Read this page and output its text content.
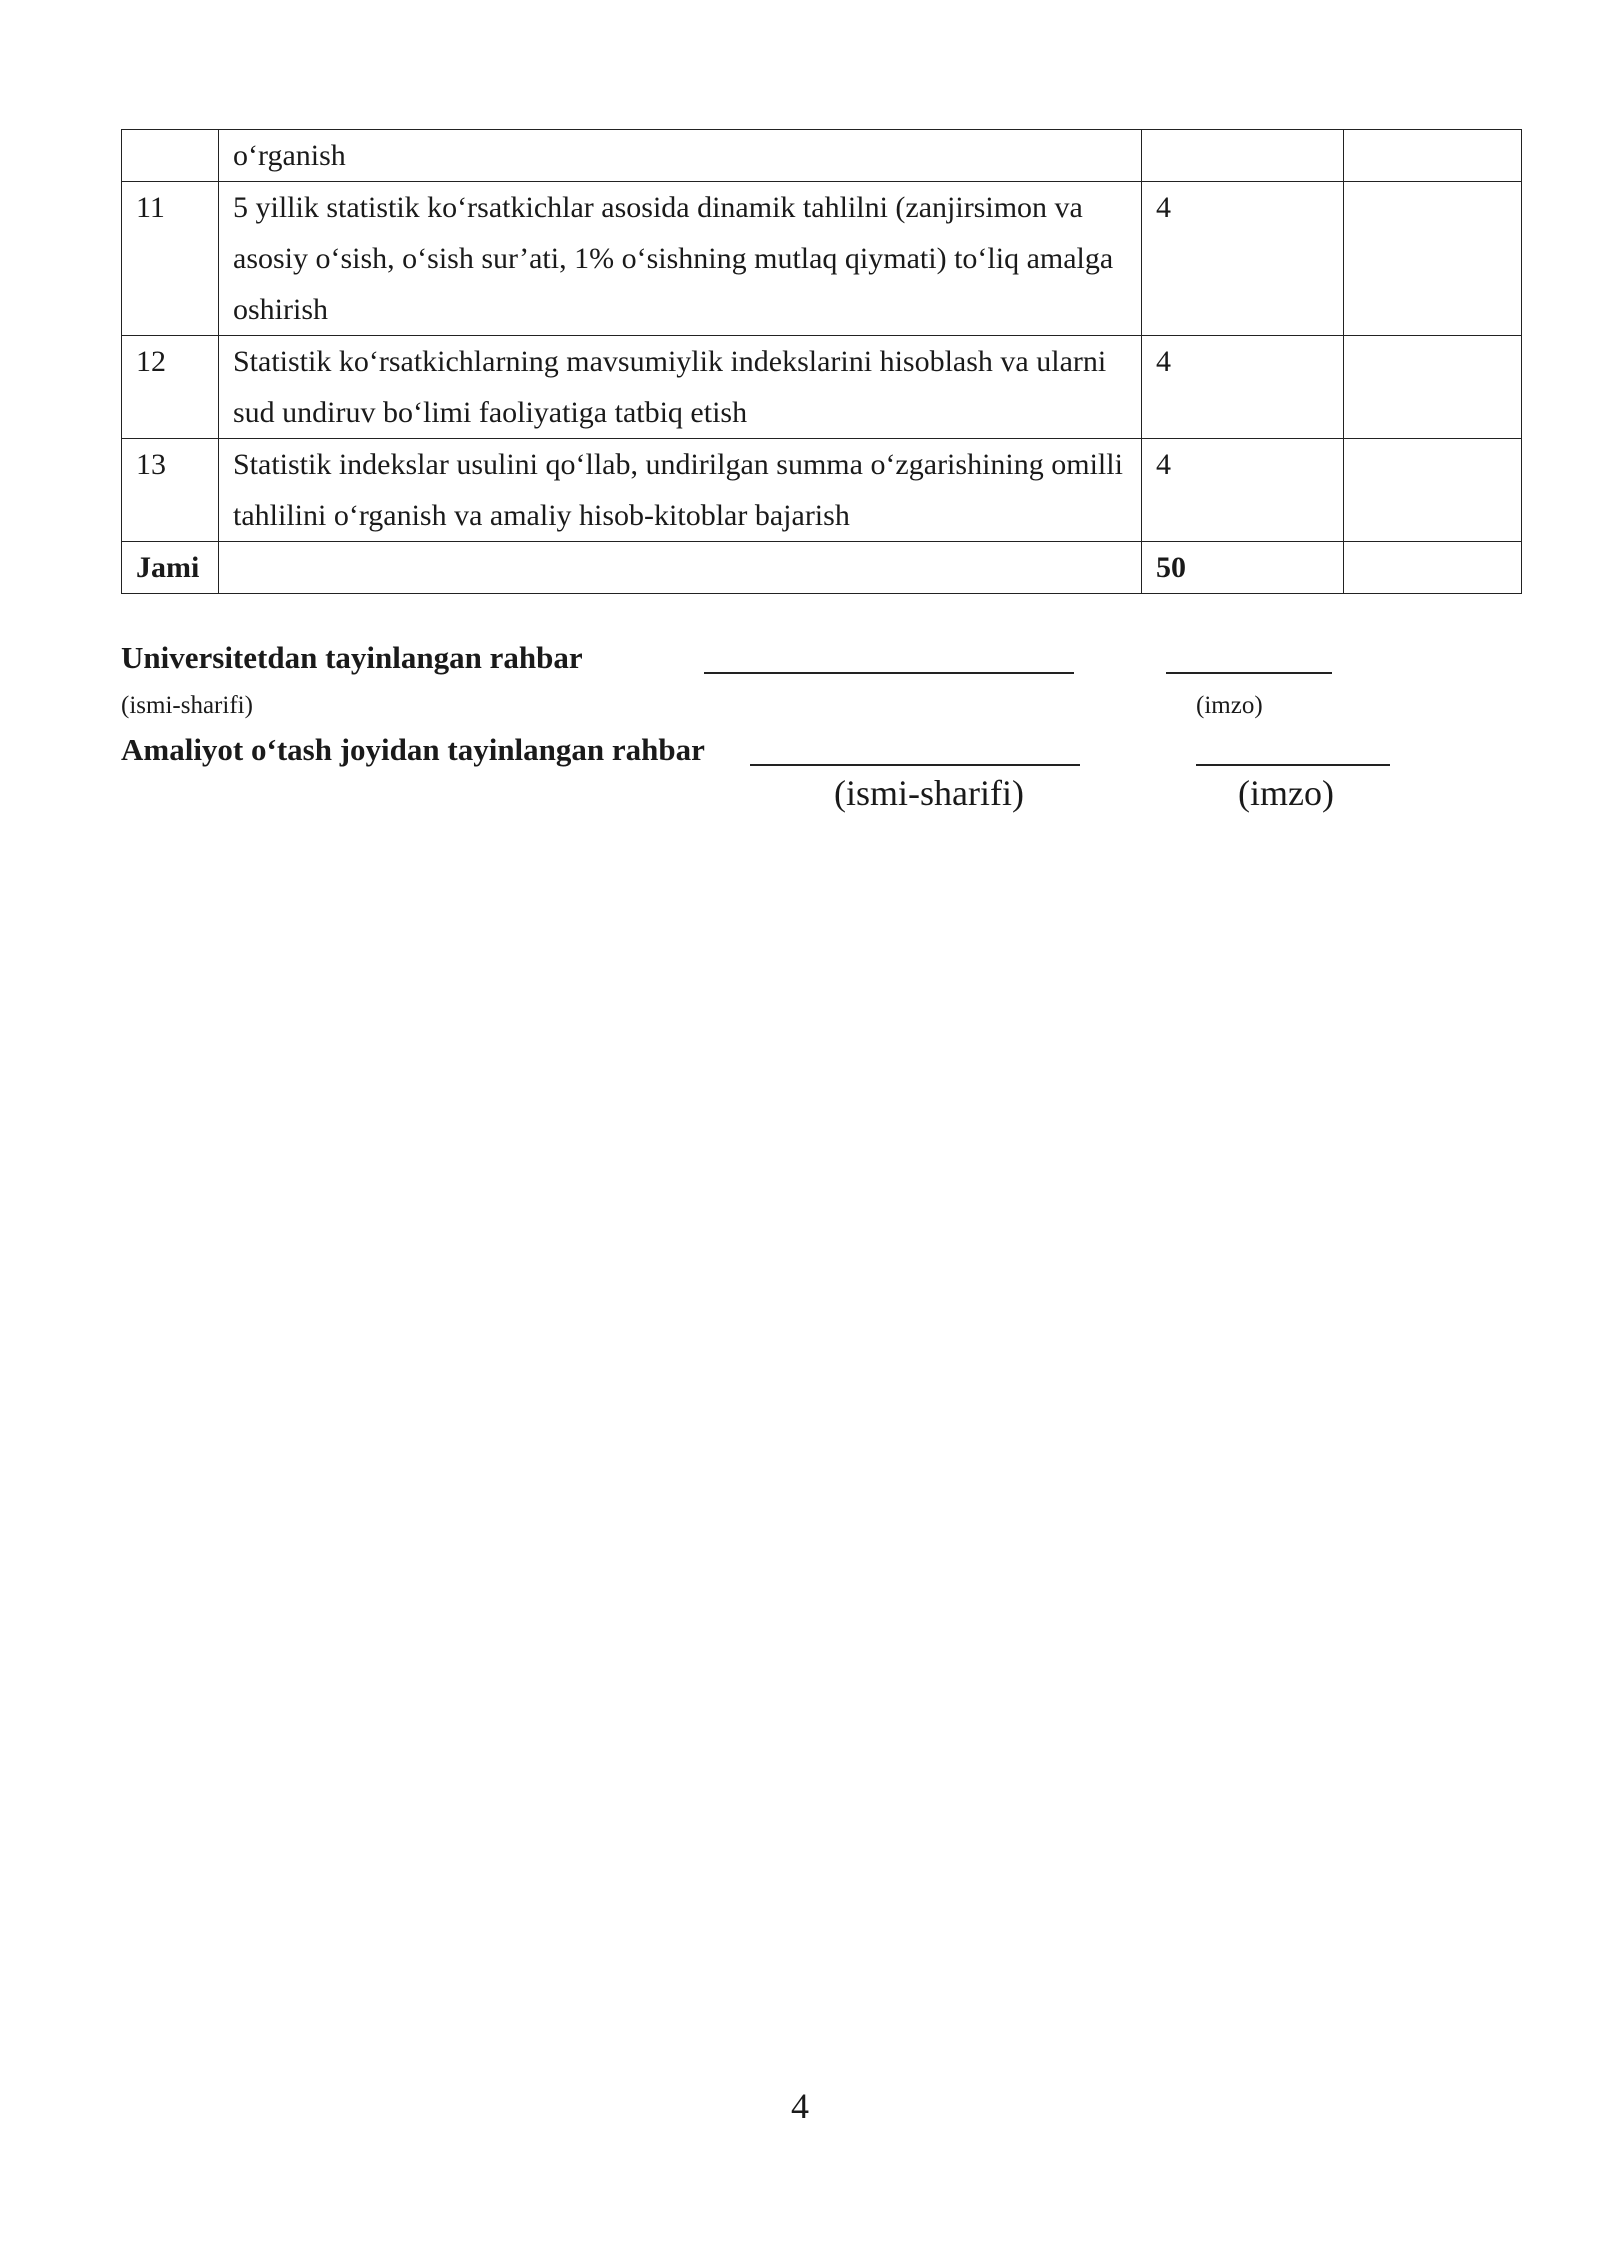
	o‘rganish		
11	5 yillik statistik ko‘rsatkichlar asosida dinamik tahlilni (zanjirsimon va asosiy o‘sish, o‘sish sur’ati, 1% o‘sishning mutlaq qiymati) to‘liq amalga oshirish	4	
12	Statistik ko‘rsatkichlarning mavsumiylik indekslarini hisoblash va ularni sud undiruv bo‘limi faoliyatiga tatbiq etish	4	
13	Statistik indekslar usulini qo‘llab, undirilgan summa o‘zgarishining omilli tahlilini o‘rganish va amaliy hisob-kitoblar bajarish	4	
Jami		50	
Universitetdan tayinlangan rahbar
(ismi-sharifi)	(imzo)
Amaliyot o‘tash joyidan tayinlangan rahbar
(ismi-sharifi)	(imzo)
4
